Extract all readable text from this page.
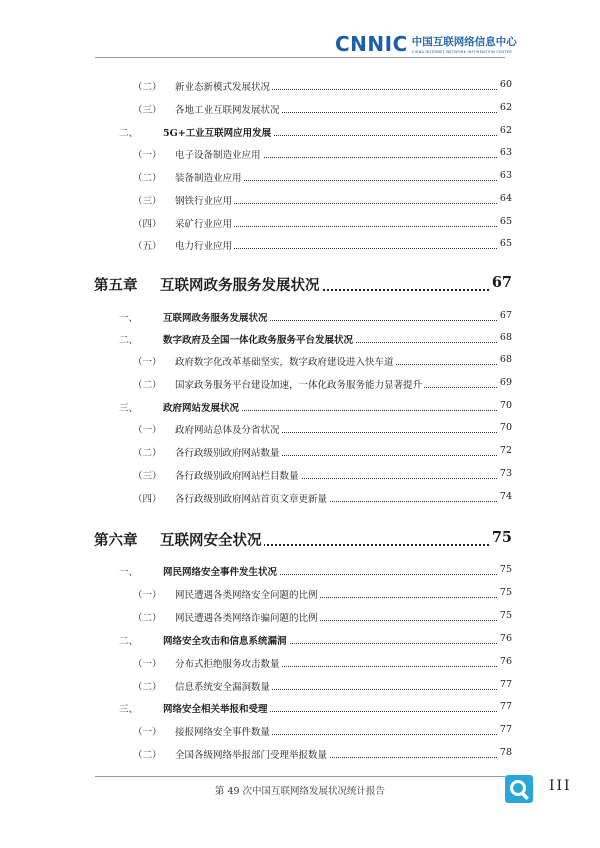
CNNIC 中国互联网络信息中心
CHINA INTERNET NETWORK INFORMATION CENTER
（二） 新业态新模式发展状况	60
（三） 各地工业互联网发展状况	62
二、	5G+工业互联网应用发展	62
（一） 电子设备制造业应用	63
（二） 装备制造业应用	63
（三） 钢铁行业应用	64
（四） 采矿行业应用	65
（五） 电力行业应用	65
第五章 互联网政务服务发展状况	67
一、	互联网政务服务发展状况	67
二、	数字政府及全国一体化政务服务平台发展状况	68
（一） 政府数字化改革基础坚实，数字政府建设进入快车道	68
（二） 国家政务服务平台建设加速，一体化政务服务能力显著提升	69
三、	政府网站发展状况	70
（一） 政府网站总体及分省状况	70
（二） 各行政级别政府网站数量	72
（三） 各行政级别政府网站栏目数量	73
（四） 各行政级别政府网站首页文章更新量	74
第六章 互联网安全状况	75
一、	网民网络安全事件发生状况	75
（一） 网民遭遇各类网络安全问题的比例	75
（二） 网民遭遇各类网络诈骗问题的比例	75
二、	网络安全攻击和信息系统漏洞	76
（一） 分布式拒绝服务攻击数量	76
（二） 信息系统安全漏洞数量	77
三、	网络安全相关举报和受理	77
（一） 接报网络安全事件数量	77
（二） 全国各级网络举报部门受理举报数量	78
第 49 次中国互联网络发展状况统计报告	III
